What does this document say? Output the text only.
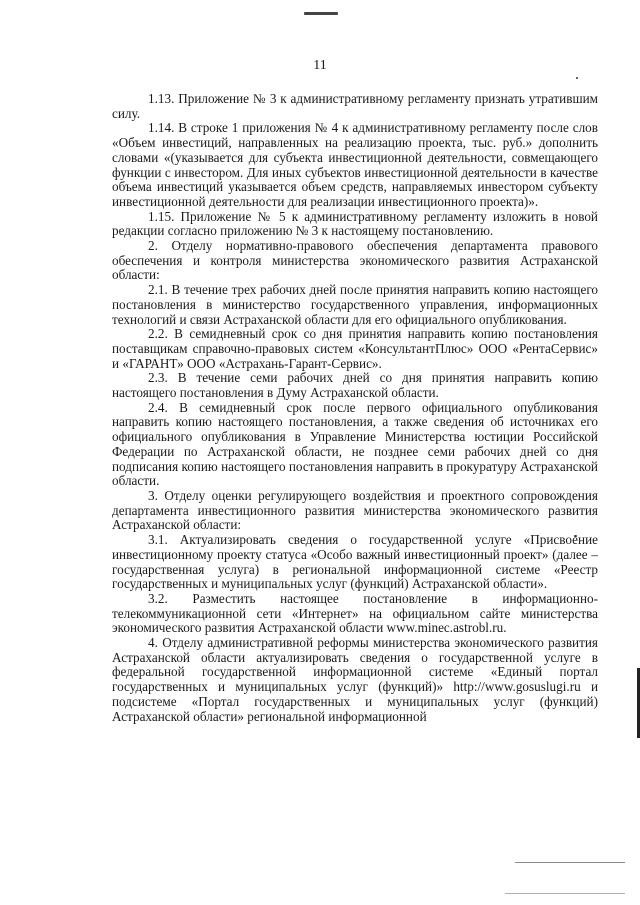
11

1.13. Приложение № 3 к административному регламенту признать утратившим силу.

1.14. В строке 1 приложения № 4 к административному регламенту после слов «Объем инвестиций, направленных на реализацию проекта, тыс. руб.» дополнить словами «(указывается для субъекта инвестиционной деятельности, совмещающего функции с инвестором. Для иных субъектов инвестиционной деятельности в качестве объема инвестиций указывается объем средств, направляемых инвестором субъекту инвестиционной деятельности для реализации инвестиционного проекта)».

1.15. Приложение № 5 к административному регламенту изложить в новой редакции согласно приложению № 3 к настоящему постановлению.

2. Отделу нормативно-правового обеспечения департамента правового обеспечения и контроля министерства экономического развития Астраханской области:

2.1. В течение трех рабочих дней после принятия направить копию настоящего постановления в министерство государственного управления, информационных технологий и связи Астраханской области для его официального опубликования.

2.2. В семидневный срок со дня принятия направить копию постановления поставщикам справочно-правовых систем «КонсультантПлюс» ООО «РентаСервис» и «ГАРАНТ» ООО «Астрахань-Гарант-Сервис».

2.3. В течение семи рабочих дней со дня принятия направить копию настоящего постановления в Думу Астраханской области.

2.4. В семидневный срок после первого официального опубликования направить копию настоящего постановления, а также сведения об источниках его официального опубликования в Управление Министерства юстиции Российской Федерации по Астраханской области, не позднее семи рабочих дней со дня подписания копию настоящего постановления направить в прокуратуру Астраханской области.

3. Отделу оценки регулирующего воздействия и проектного сопровождения департамента инвестиционного развития министерства экономического развития Астраханской области:

3.1. Актуализировать сведения о государственной услуге «Присвоение инвестиционному проекту статуса «Особо важный инвестиционный проект» (далее – государственная услуга) в региональной информационной системе «Реестр государственных и муниципальных услуг (функций) Астраханской области».

3.2. Разместить настоящее постановление в информационно-телекоммуникационной сети «Интернет» на официальном сайте министерства экономического развития Астраханской области www.minec.astrobl.ru.

4. Отделу административной реформы министерства экономического развития Астраханской области актуализировать сведения о государственной услуге в федеральной государственной информационной системе «Единый портал государственных и муниципальных услуг (функций)» http://www.gosuslugi.ru и подсистеме «Портал государственных и муниципальных услуг (функций) Астраханской области» региональной информационной
